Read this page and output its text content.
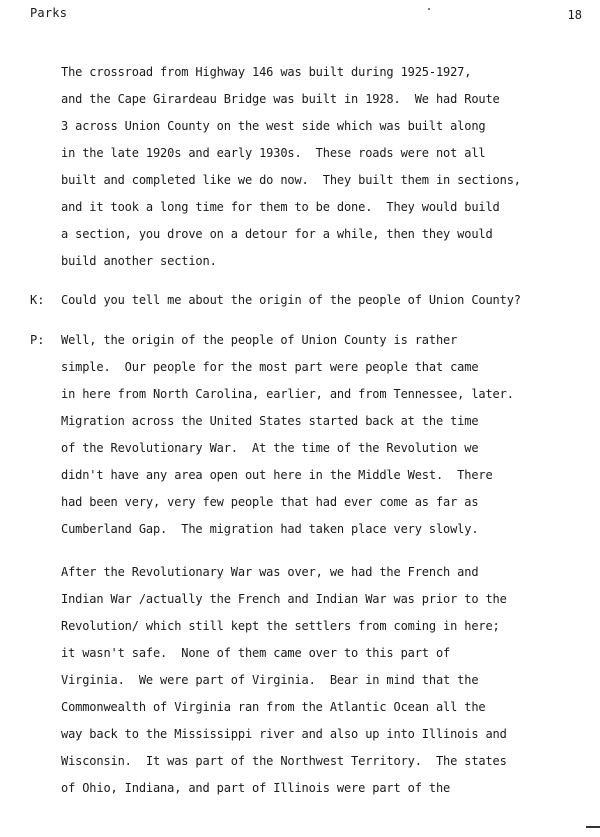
Parks	18
The crossroad from Highway 146 was built during 1925-1927,
and the Cape Girardeau Bridge was built in 1928.  We had Route
3 across Union County on the west side which was built along
in the late 1920s and early 1930s.  These roads were not all
built and completed like we do now.  They built them in sections,
and it took a long time for them to be done.  They would build
a section, you drove on a detour for a while, then they would
build another section.
K: Could you tell me about the origin of the people of Union County?
P: Well, the origin of the people of Union County is rather
simple.  Our people for the most part were people that came
in here from North Carolina, earlier, and from Tennessee, later.
Migration across the United States started back at the time
of the Revolutionary War.  At the time of the Revolution we
didn't have any area open out here in the Middle West.  There
had been very, very few people that had ever come as far as
Cumberland Gap.  The migration had taken place very slowly.
After the Revolutionary War was over, we had the French and
Indian War /actually the French and Indian War was prior to the
Revolution/ which still kept the settlers from coming in here;
it wasn't safe.  None of them came over to this part of
Virginia.  We were part of Virginia.  Bear in mind that the
Commonwealth of Virginia ran from the Atlantic Ocean all the
way back to the Mississippi river and also up into Illinois and
Wisconsin.  It was part of the Northwest Territory.  The states
of Ohio, Indiana, and part of Illinois were part of the
